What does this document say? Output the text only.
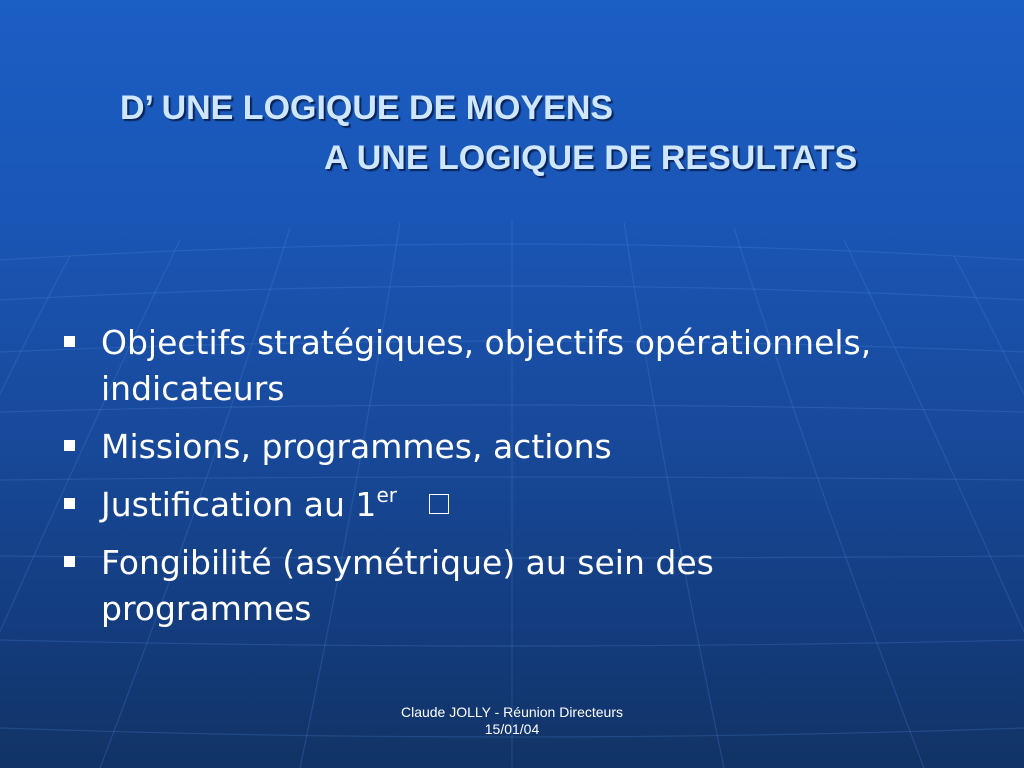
D’ UNE LOGIQUE DE MOYENS
A UNE LOGIQUE DE RESULTATS
Objectifs stratégiques, objectifs opérationnels, indicateurs
Missions, programmes, actions
Justification au 1er
Fongibilité (asymétrique) au sein des programmes
Claude JOLLY - Réunion Directeurs
15/01/04
